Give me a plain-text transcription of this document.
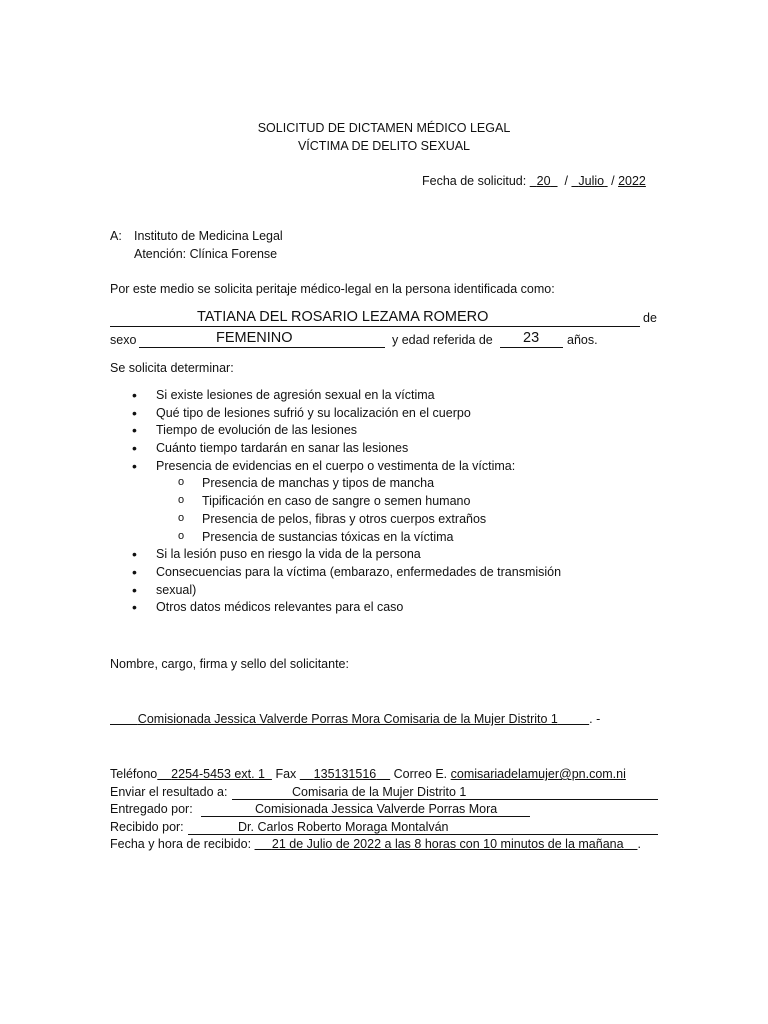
SOLICITUD DE DICTAMEN MÉDICO LEGAL
VÍCTIMA DE DELITO SEXUAL
Fecha de solicitud: 20 / Julio / 2022
A: Instituto de Medicina Legal
Atención: Clínica Forense
Por este medio se solicita peritaje médico-legal en la persona identificada como:
TATIANA DEL ROSARIO LEZAMA ROMERO	de
sexo	FEMENINO	y edad referida de 23 años.
Se solicita determinar:
• Si existe lesiones de agresión sexual en la víctima
• Qué tipo de lesiones sufrió y su localización en el cuerpo
• Tiempo de evolución de las lesiones
• Cuánto tiempo tardarán en sanar las lesiones
• Presencia de evidencias en el cuerpo o vestimenta de la víctima:
o Presencia de manchas y tipos de mancha
o Tipificación en caso de sangre o semen humano
o Presencia de pelos, fibras y otros cuerpos extraños
o Presencia de sustancias tóxicas en la víctima
• Si la lesión puso en riesgo la vida de la persona
• Consecuencias para la víctima (embarazo, enfermedades de transmisión
• sexual)
• Otros datos médicos relevantes para el caso
Nombre, cargo, firma y sello del solicitante:
Comisionada Jessica Valverde Porras Mora Comisaria de la Mujer Distrito 1	. -
Teléfono 2254-5453 ext. 1 Fax 135131516 Correo E. comisariadelamujer@pn.com.ni
Enviar el resultado a:	Comisaria de la Mujer Distrito 1
Entregado por:	Comisionada Jessica Valverde Porras Mora
Recibido por:	Dr. Carlos Roberto Moraga Montalván
Fecha y hora de recibido: 21 de Julio de 2022 a las 8 horas con 10 minutos de la mañana .
